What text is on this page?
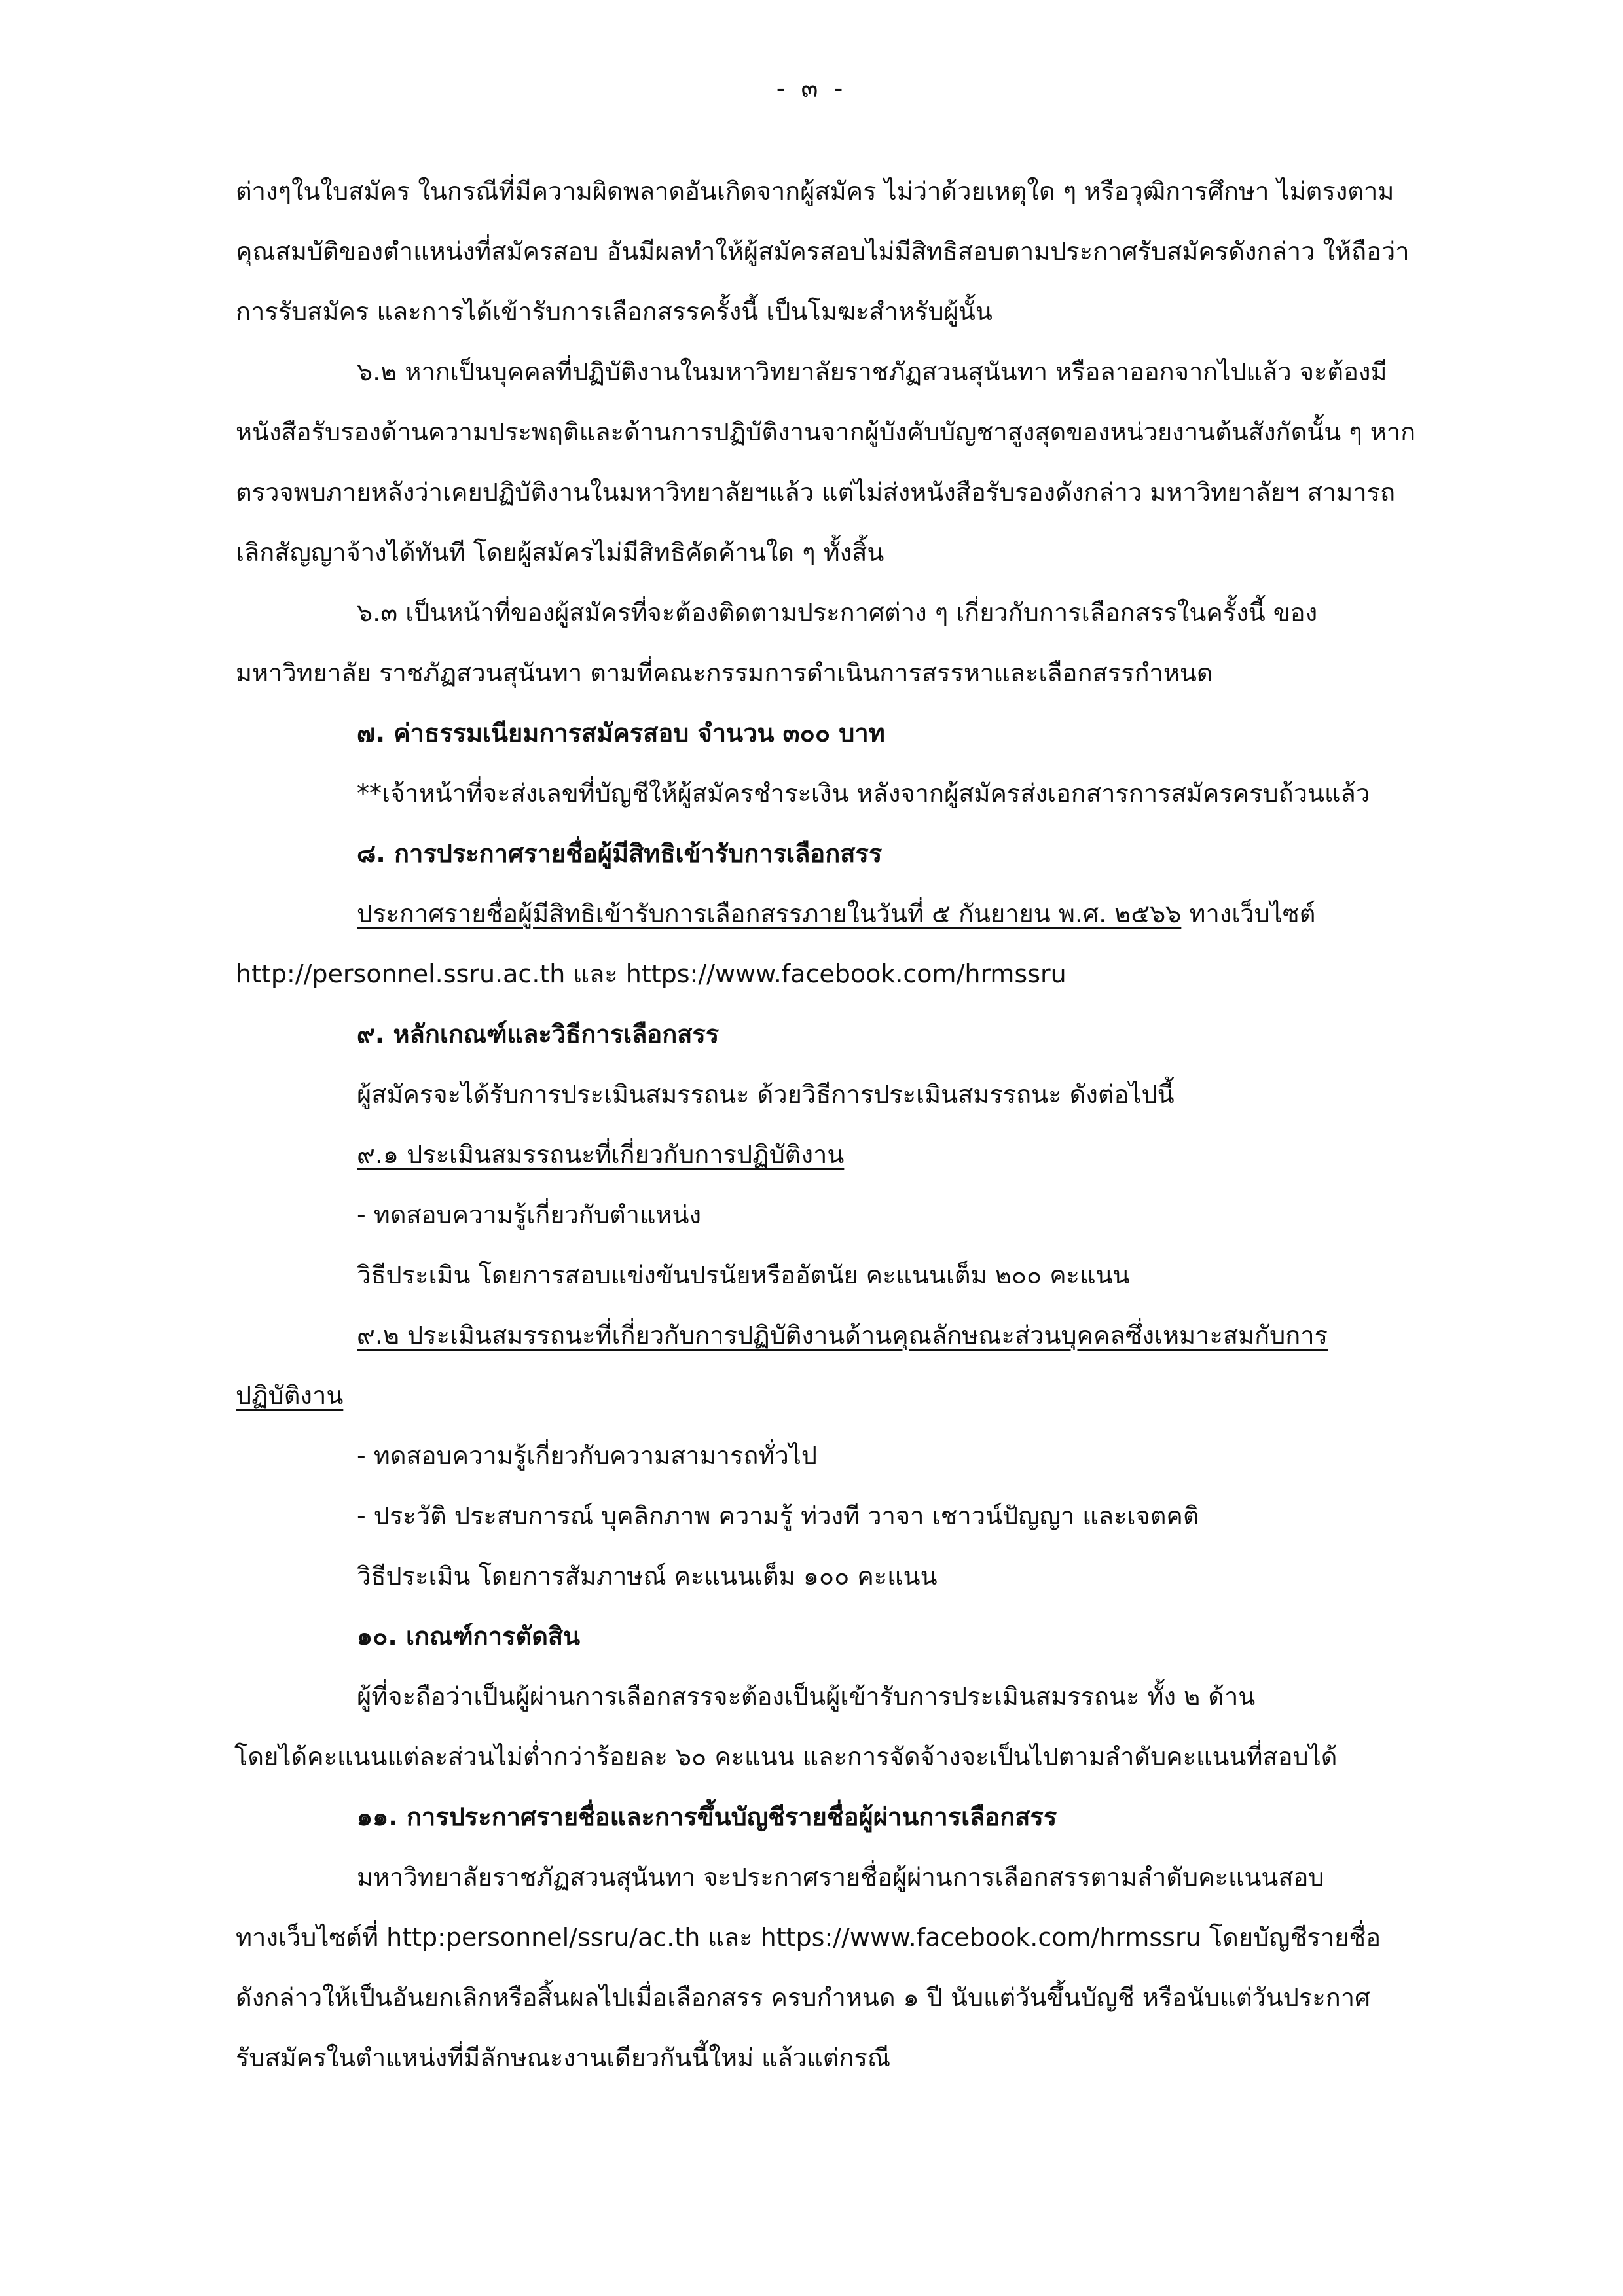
- ๓ -
ต่างๆในใบสมัคร ในกรณีที่มีความผิดพลาดอันเกิดจากผู้สมัคร ไม่ว่าด้วยเหตุใด ๆ หรือวุฒิการศึกษา ไม่ตรงตาม
คุณสมบัติของตำแหน่งที่สมัครสอบ อันมีผลทำให้ผู้สมัครสอบไม่มีสิทธิสอบตามประกาศรับสมัครดังกล่าว ให้ถือว่า
การรับสมัคร และการได้เข้ารับการเลือกสรรครั้งนี้ เป็นโมฆะสำหรับผู้นั้น
๖.๒ หากเป็นบุคคลที่ปฏิบัติงานในมหาวิทยาลัยราชภัฏสวนสุนันทา หรือลาออกจากไปแล้ว จะต้องมี
หนังสือรับรองด้านความประพฤติและด้านการปฏิบัติงานจากผู้บังคับบัญชาสูงสุดของหน่วยงานต้นสังกัดนั้น ๆ หาก
ตรวจพบภายหลังว่าเคยปฏิบัติงานในมหาวิทยาลัยฯแล้ว แต่ไม่ส่งหนังสือรับรองดังกล่าว มหาวิทยาลัยฯ สามารถ
เลิกสัญญาจ้างได้ทันที โดยผู้สมัครไม่มีสิทธิคัดค้านใด ๆ ทั้งสิ้น
๖.๓ เป็นหน้าที่ของผู้สมัครที่จะต้องติดตามประกาศต่าง ๆ เกี่ยวกับการเลือกสรรในครั้งนี้ ของ
มหาวิทยาลัย ราชภัฏสวนสุนันทา ตามที่คณะกรรมการดำเนินการสรรหาและเลือกสรรกำหนด
๗. ค่าธรรมเนียมการสมัครสอบ จำนวน ๓๐๐ บาท
**เจ้าหน้าที่จะส่งเลขที่บัญชีให้ผู้สมัครชำระเงิน หลังจากผู้สมัครส่งเอกสารการสมัครครบถ้วนแล้ว
๘. การประกาศรายชื่อผู้มีสิทธิเข้ารับการเลือกสรร
ประกาศรายชื่อผู้มีสิทธิเข้ารับการเลือกสรรภายในวันที่ ๕ กันยายน พ.ศ. ๒๕๖๖ ทางเว็บไซต์
http://personnel.ssru.ac.th และ https://www.facebook.com/hrmssru
๙. หลักเกณฑ์และวิธีการเลือกสรร
ผู้สมัครจะได้รับการประเมินสมรรถนะ ด้วยวิธีการประเมินสมรรถนะ ดังต่อไปนี้
๙.๑ ประเมินสมรรถนะที่เกี่ยวกับการปฏิบัติงาน
- ทดสอบความรู้เกี่ยวกับตำแหน่ง
วิธีประเมิน โดยการสอบแข่งขันปรนัยหรืออัตนัย คะแนนเต็ม ๒๐๐ คะแนน
๙.๒ ประเมินสมรรถนะที่เกี่ยวกับการปฏิบัติงานด้านคุณลักษณะส่วนบุคคลซึ่งเหมาะสมกับการ
ปฏิบัติงาน
- ทดสอบความรู้เกี่ยวกับความสามารถทั่วไป
- ประวัติ ประสบการณ์ บุคลิกภาพ ความรู้ ท่วงที วาจา เชาวน์ปัญญา และเจตคติ
วิธีประเมิน โดยการสัมภาษณ์ คะแนนเต็ม ๑๐๐ คะแนน
๑๐. เกณฑ์การตัดสิน
ผู้ที่จะถือว่าเป็นผู้ผ่านการเลือกสรรจะต้องเป็นผู้เข้ารับการประเมินสมรรถนะ ทั้ง ๒ ด้าน
โดยได้คะแนนแต่ละส่วนไม่ต่ำกว่าร้อยละ ๖๐ คะแนน และการจัดจ้างจะเป็นไปตามลำดับคะแนนที่สอบได้
๑๑. การประกาศรายชื่อและการขึ้นบัญชีรายชื่อผู้ผ่านการเลือกสรร
มหาวิทยาลัยราชภัฏสวนสุนันทา จะประกาศรายชื่อผู้ผ่านการเลือกสรรตามลำดับคะแนนสอบ
ทางเว็บไซต์ที่ http:personnel/ssru/ac.th และ https://www.facebook.com/hrmssru โดยบัญชีรายชื่อ
ดังกล่าวให้เป็นอันยกเลิกหรือสิ้นผลไปเมื่อเลือกสรร ครบกำหนด ๑ ปี นับแต่วันขึ้นบัญชี หรือนับแต่วันประกาศ
รับสมัครในตำแหน่งที่มีลักษณะงานเดียวกันนี้ใหม่ แล้วแต่กรณี
